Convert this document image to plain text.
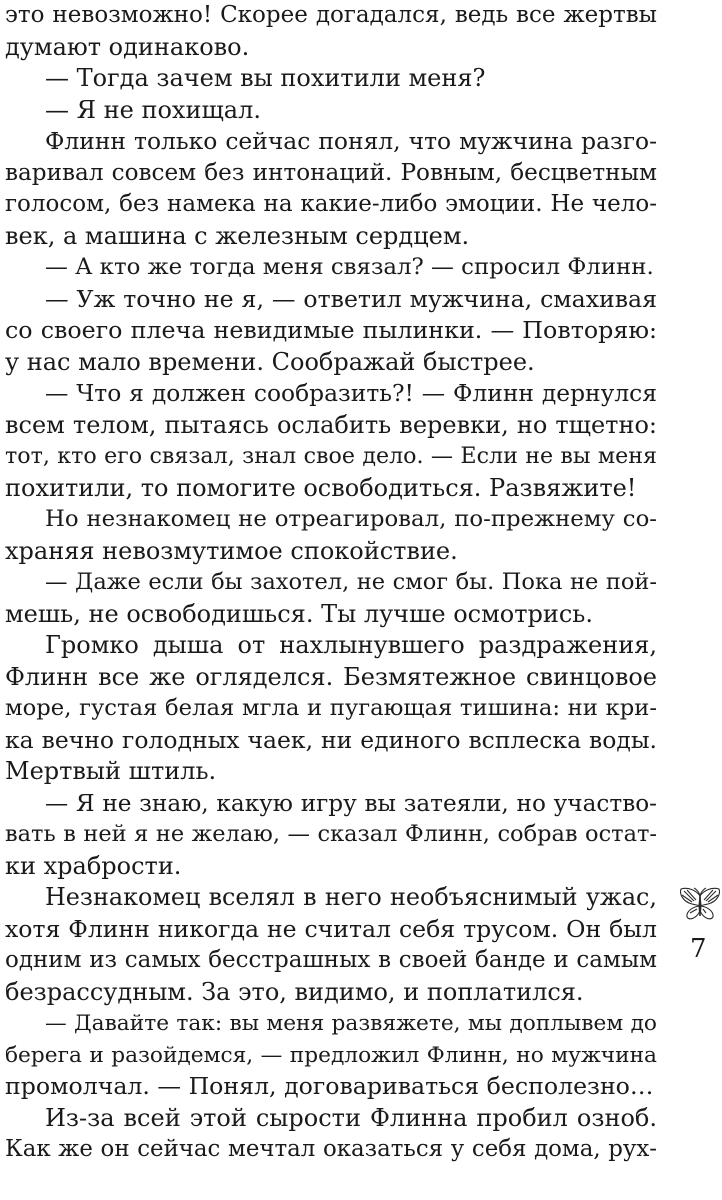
это невозможно! Скорее догадался, ведь все жертвы
думают одинаково.
— Тогда зачем вы похитили меня?
— Я не похищал.
Флинн только сейчас понял, что мужчина разго-
варивал совсем без интонаций. Ровным, бесцветным
голосом, без намека на какие-либо эмоции. Не чело-
век, а машина с железным сердцем.
— А кто же тогда меня связал? — спросил Флинн.
— Уж точно не я, — ответил мужчина, смахивая
со своего плеча невидимые пылинки. — Повторяю:
у нас мало времени. Соображай быстрее.
— Что я должен сообразить?! — Флинн дернулся
всем телом, пытаясь ослабить веревки, но тщетно:
тот, кто его связал, знал свое дело. — Если не вы меня
похитили, то помогите освободиться. Развяжите!
Но незнакомец не отреагировал, по-прежнему со-
храняя невозмутимое спокойствие.
— Даже если бы захотел, не смог бы. Пока не пой-
мешь, не освободишься. Ты лучше осмотрись.
Громко дыша от нахлынувшего раздражения,
Флинн все же огляделся. Безмятежное свинцовое
море, густая белая мгла и пугающая тишина: ни кри-
ка вечно голодных чаек, ни единого всплеска воды.
Мертвый штиль.
— Я не знаю, какую игру вы затеяли, но участво-
вать в ней я не желаю, — сказал Флинн, собрав остат-
ки храбрости.
Незнакомец вселял в него необъяснимый ужас,
хотя Флинн никогда не считал себя трусом. Он был
одним из самых бесстрашных в своей банде и самым
безрассудным. За это, видимо, и поплатился.
— Давайте так: вы меня развяжете, мы доплывем до
берега и разойдемся, — предложил Флинн, но мужчина
промолчал. — Понял, договариваться бесполезно…
Из-за всей этой сырости Флинна пробил озноб.
Как же он сейчас мечтал оказаться у себя дома, рух-
7
